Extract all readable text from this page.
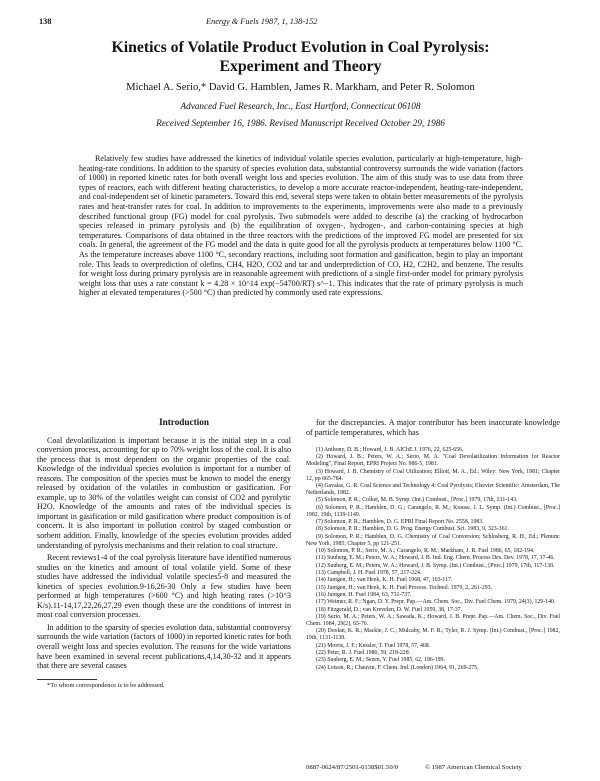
138	Energy & Fuels 1987, 1, 138-152
Kinetics of Volatile Product Evolution in Coal Pyrolysis:
Experiment and Theory
Michael A. Serio,* David G. Hamblen, James R. Markham, and Peter R. Solomon
Advanced Fuel Research, Inc., East Hartford, Connecticut 06108
Received September 16, 1986. Revised Manuscript Received October 29, 1986

Relatively few studies have addressed the kinetics of individual volatile species evolution, particularly at high-temperature, high-heating-rate conditions. In addition to the sparsity of species evolution data, substantial controversy surrounds the wide variation (factors of 1000) in reported kinetic rates for both overall weight loss and species evolution. The aim of this study was to use data from three types of reactors, each with different heating characteristics, to develop a more accurate reactor-independent, heating-rate-independent, and coal-independent set of kinetic parameters. Toward this end, several steps were taken to obtain better measurements of the pyrolysis rates and heat-transfer rates for coal. In addition to improvements to the experiments, improvements were also made to a previously described functional group (FG) model for coal pyrolysis. Two submodels were added to describe (a) the cracking of hydrocarbon species released in primary pyrolysis and (b) the equilibration of oxygen-, hydrogen-, and carbon-containing species at high temperatures. Comparisons of data obtained in the three reactors with the predictions of the improved FG model are presented for six coals. In general, the agreement of the FG model and the data is quite good for all the pyrolysis products at temperatures below 1100 °C. As the temperature increases above 1100 °C, secondary reactions, including soot formation and gasification, begin to play an important role. This leads to overprediction of olefins, CH4, H2O, CO2 and tar and underprediction of CO, H2, C2H2, and benzene. The results for weight loss during primary pyrolysis are in reasonable agreement with predictions of a single first-order model for primary pyrolysis weight loss that uses a rate constant k = 4.28 × 10^14 exp(−54700/RT) s^−1. This indicates that the rate of primary pyrolysis is much higher at elevated temperatures (>500 °C) than predicted by commonly used rate expressions.

Introduction

Coal devolatilization is important because it is the initial step in a coal conversion process, accounting for up to 70% weight loss of the coal. It is also the process that is most dependent on the organic properties of the coal. Knowledge of the individual species evolution is important for a number of reasons. The composition of the species must be known to model the energy released by oxidation of the volatiles in combustion or gasification. For example, up to 30% of the volatiles weight can consist of CO2 and pyrolytic H2O. Knowledge of the amounts and rates of the individual species is important in gasification or mild gasification where product composition is of concern. It is also important in pollution control by staged combustion or sorbent addition. Finally, knowledge of the species evolution provides added understanding of pyrolysis mechanisms and their relation to coal structure.

Recent reviews1-4 of the coal pyrolysis literature have identified numerous studies on the kinetics and amount of total volatile yield. Some of these studies have addressed the individual volatile species5-8 and measured the kinetics of species evolution.9-16,26-30 Only a few studies have been performed at high temperatures (>600 °C) and high heating rates (>10^3 K/s).11-14,17,22,26,27,29 even though these are the conditions of interest in most coal conversion processes.

In addition to the sparsity of species evolution data, substantial controversy surrounds the wide variation (factors of 1000) in reported kinetic rates for both overall weight loss and species evolution. The reasons for the wide variations have been examined in several recent publications,4,14,30-32 and it appears that there are several causes

*To whom correspondence is to be addressed.

for the discrepancies. A major contributor has been inaccurate knowledge of particle temperatures, which has

(1) Anthony, D. B.; Howard, J. B. AIChE J. 1976, 22, 625-656.
(2) Howard, J. B.; Peters, W. A.; Serio, M. A. "Coal Devolatilization Information for Reactor Modeling", Final Report, EPRI Project No. 986-5, 1981.
(3) Howard, J. B. Chemistry of Coal Utilization; Elliott, M. A., Ed.; Wiley: New York, 1981; Chapter 12, pp 665-784.
(4) Gavalas, G. R. Coal Science and Technology 4: Coal Pyrolysis; Elsevier Scientific: Amsterdam, The Netherlands, 1982.
(5) Solomon, P. R.; Colket, M. B. Symp. (Int.) Combust., [Proc.] 1979, 17th, 131-143.
(6) Solomon, P. R.; Hamblen, D. G.; Carangelo, R. M.; Krause, J. L. Symp. (Int.) Combust., [Proc.] 1982, 19th, 1139-1149.
(7) Solomon, P. R.; Hamblen, D. G. EPRI Final Report No. 2558, 1983.
(8) Solomon, P. R.; Hamblen, D. G. Prog. Energy Combust. Sci. 1983, 9, 323-361.
(9) Solomon, P. R.; Hamblen, D. G. Chemistry of Coal Conversion; Schlosberg, R. H., Ed.; Plenum: New York, 1985; Chapter 5, pp 121-251.
(10) Solomon, P. R.; Serio, M. A.; Carangelo, R. M.; Markham, J. R. Fuel 1986, 65, 182-194.
(11) Suuberg, E. M.; Peters, W. A.; Howard, J. B. Ind. Eng. Chem. Process Des. Dev. 1978, 17, 37-46.
(12) Suuberg, E. M.; Peters, W. A.; Howard, J. B. Symp. (Int.) Combust., [Proc.] 1979, 17th, 117-130.
(13) Campbell, J. H. Fuel 1978, 57, 217-224.
(14) Juntgen, H.; van Heek, K. H. Fuel 1968, 47, 103-117.
(15) Juntgen, H.; van Heek, K. H. Fuel Process. Technol. 1979, 2, 261-293.
(16) Juntgen, H. Fuel 1984, 63, 731-737.
(17) Weimer, R. F.; Ngan, D. Y. Prepr. Pap.—Am. Chem. Soc., Div. Fuel Chem. 1979, 24(3), 129-140.
(18) Fitzgerald, D.; van Krevelen, D. W. Fuel 1959, 38, 17-37.
(19) Serio, M. A.; Peters, W. A.; Sawada, K.; Howard, J. B. Prepr. Pap.—Am. Chem. Soc., Div. Fuel Chem. 1984, 29(2), 65-76.
(20) Doolan, K. R.; Mackie, J. C.; Mulcahy, M. F. R.; Tyler, R. J. Symp. (Int.) Combust., [Proc.] 1982, 19th, 1131-1139.
(21) Morris, J. F.; Kessler, T. Fuel 1978, 57, 468.
(22) Peter, R. J. Fuel 1980, 59, 218-228.
(23) Suuberg, E. M.; Sezen, Y. Fuel 1985, 62, 196-199.
(24) Loison, R.; Chauvin, F. Chem. Ind. (London) 1964, 91, 269-275.
0887-0624/87/2501-0138$01.50/0	© 1987 American Chemical Society
